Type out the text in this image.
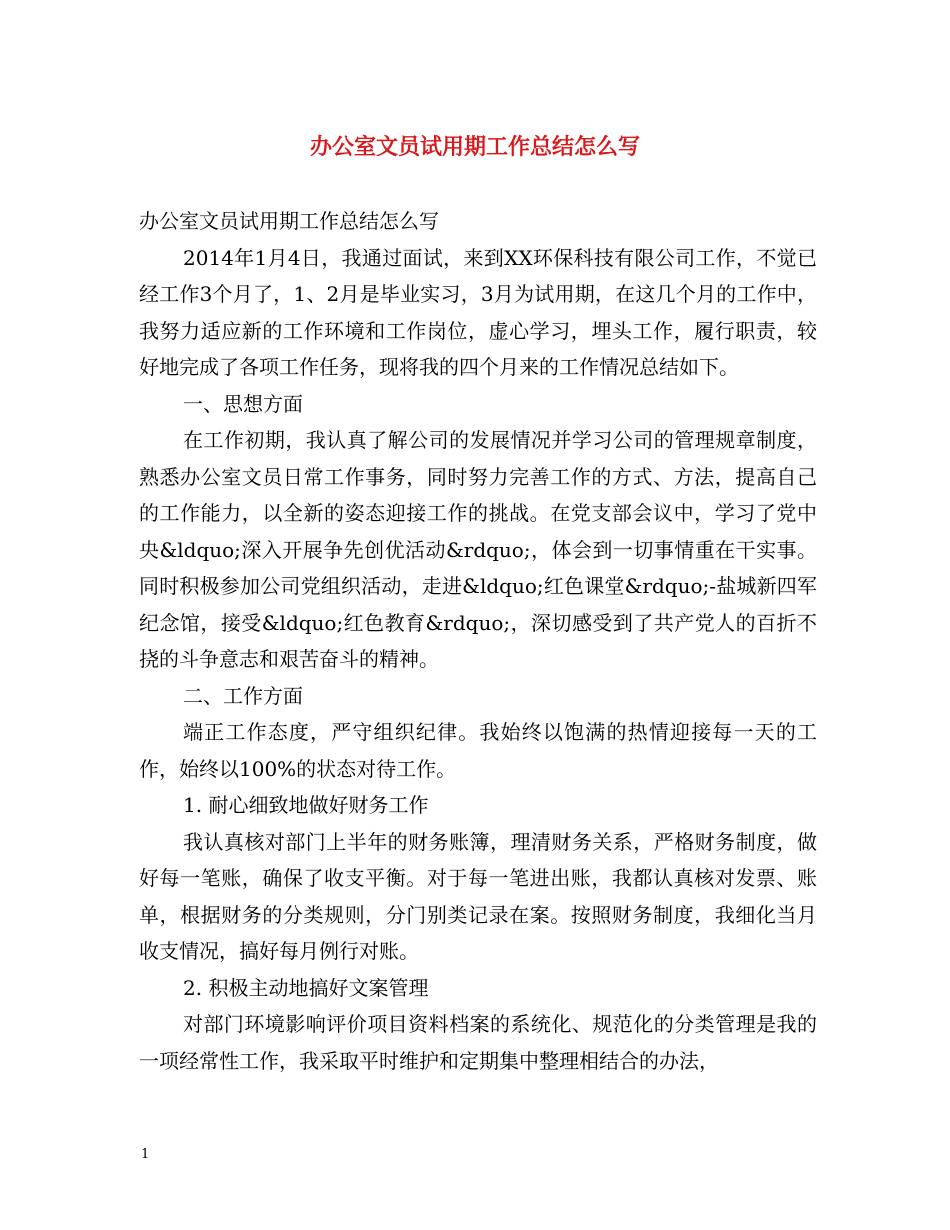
办公室文员试用期工作总结怎么写

办公室文员试用期工作总结怎么写

2014年1月4日，我通过面试，来到XX环保科技有限公司工作，不觉已经工作3个月了，1、2月是毕业实习，3月为试用期，在这几个月的工作中，我努力适应新的工作环境和工作岗位，虚心学习，埋头工作，履行职责，较好地完成了各项工作任务，现将我的四个月来的工作情况总结如下。

一、思想方面

在工作初期，我认真了解公司的发展情况并学习公司的管理规章制度，熟悉办公室文员日常工作事务，同时努力完善工作的方式、方法，提高自己的工作能力，以全新的姿态迎接工作的挑战。在党支部会议中，学习了党中央&ldquo;深入开展争先创优活动&rdquo;，体会到一切事情重在干实事。同时积极参加公司党组织活动，走进&ldquo;红色课堂&rdquo;-盐城新四军纪念馆，接受&ldquo;红色教育&rdquo;，深切感受到了共产党人的百折不挠的斗争意志和艰苦奋斗的精神。

二、工作方面

端正工作态度，严守组织纪律。我始终以饱满的热情迎接每一天的工作，始终以100%的状态对待工作。

1. 耐心细致地做好财务工作

我认真核对部门上半年的财务账簿，理清财务关系，严格财务制度，做好每一笔账，确保了收支平衡。对于每一笔进出账，我都认真核对发票、账单，根据财务的分类规则，分门别类记录在案。按照财务制度，我细化当月收支情况，搞好每月例行对账。

2. 积极主动地搞好文案管理

对部门环境影响评价项目资料档案的系统化、规范化的分类管理是我的一项经常性工作，我采取平时维护和定期集中整理相结合的办法，

1
